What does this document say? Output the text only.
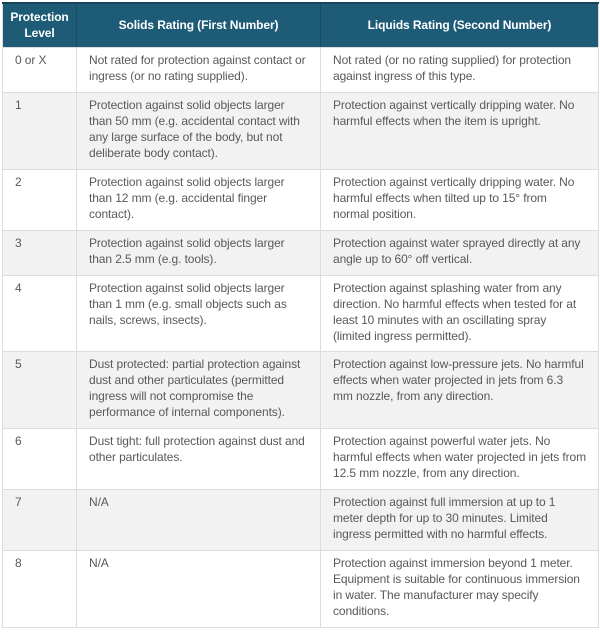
Protection Level	Solids Rating (First Number)	Liquids Rating (Second Number)
0 or X	Not rated for protection against contact or ingress (or no rating supplied).	Not rated (or no rating supplied) for protection against ingress of this type.
1	Protection against solid objects larger than 50 mm (e.g. accidental contact with any large surface of the body, but not deliberate body contact).	Protection against vertically dripping water. No harmful effects when the item is upright.
2	Protection against solid objects larger than 12 mm (e.g. accidental finger contact).	Protection against vertically dripping water. No harmful effects when tilted up to 15° from normal position.
3	Protection against solid objects larger than 2.5 mm (e.g. tools).	Protection against water sprayed directly at any angle up to 60° off vertical.
4	Protection against solid objects larger than 1 mm (e.g. small objects such as nails, screws, insects).	Protection against splashing water from any direction. No harmful effects when tested for at least 10 minutes with an oscillating spray (limited ingress permitted).
5	Dust protected: partial protection against dust and other particulates (permitted ingress will not compromise the performance of internal components).	Protection against low-pressure jets. No harmful effects when water projected in jets from 6.3 mm nozzle, from any direction.
6	Dust tight: full protection against dust and other particulates.	Protection against powerful water jets. No harmful effects when water projected in jets from 12.5 mm nozzle, from any direction.
7	N/A	Protection against full immersion at up to 1 meter depth for up to 30 minutes. Limited ingress permitted with no harmful effects.
8	N/A	Protection against immersion beyond 1 meter. Equipment is suitable for continuous immersion in water. The manufacturer may specify conditions.
